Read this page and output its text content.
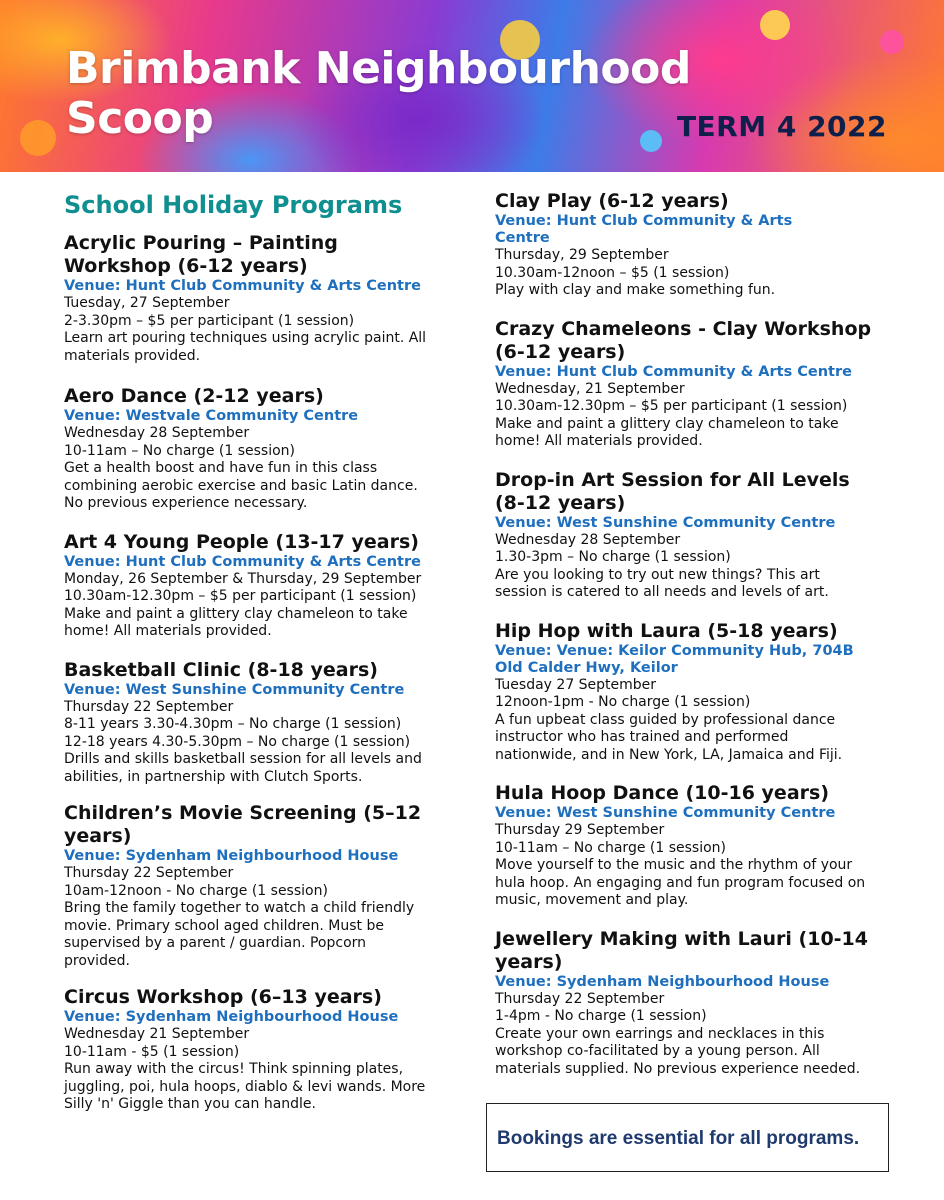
Brimbank Neighbourhood
Scoop	TERM 4 2022
School Holiday Programs

Acrylic Pouring – Painting

Workshop (6-12 years)

Venue: Hunt Club Community & Arts Centre

Tuesday, 27 September

2-3.30pm – $5 per participant (1 session)

Learn art pouring techniques using acrylic paint. All

materials provided.

Aero Dance (2-12 years)

Venue: Westvale Community Centre

Wednesday 28 September

10-11am – No charge (1 session)

Get a health boost and have fun in this class

combining aerobic exercise and basic Latin dance.

No previous experience necessary.

Art 4 Young People (13-17 years)

Venue: Hunt Club Community & Arts Centre

Monday, 26 September & Thursday, 29 September

10.30am-12.30pm – $5 per participant (1 session)

Make and paint a glittery clay chameleon to take

home! All materials provided.

Basketball Clinic (8-18 years)

Venue: West Sunshine Community Centre

Thursday 22 September

8-11 years 3.30-4.30pm – No charge (1 session)

12-18 years 4.30-5.30pm – No charge (1 session)

Drills and skills basketball session for all levels and

abilities, in partnership with Clutch Sports.

Children’s Movie Screening (5–12

years)

Venue: Sydenham Neighbourhood House

Thursday 22 September

10am-12noon - No charge (1 session)

Bring the family together to watch a child friendly

movie. Primary school aged children. Must be

supervised by a parent / guardian. Popcorn

provided.

Circus Workshop (6–13 years)

Venue: Sydenham Neighbourhood House

Wednesday 21 September

10-11am - $5 (1 session)

Run away with the circus! Think spinning plates,

juggling, poi, hula hoops, diablo & levi wands. More

Silly 'n' Giggle than you can handle.

Clay Play (6-12 years)

Venue: Hunt Club Community & Arts

Centre

Thursday, 29 September

10.30am-12noon – $5 (1 session)

Play with clay and make something fun.

Crazy Chameleons - Clay Workshop

(6-12 years)

Venue: Hunt Club Community & Arts Centre

Wednesday, 21 September

10.30am-12.30pm – $5 per participant (1 session)

Make and paint a glittery clay chameleon to take

home! All materials provided.

Drop-in Art Session for All Levels

(8-12 years)

Venue: West Sunshine Community Centre

Wednesday 28 September

1.30-3pm – No charge (1 session)

Are you looking to try out new things? This art

session is catered to all needs and levels of art.

Hip Hop with Laura (5-18 years)

Venue: Venue: Keilor Community Hub, 704B

Old Calder Hwy, Keilor

Tuesday 27 September

12noon-1pm - No charge (1 session)

A fun upbeat class guided by professional dance

instructor who has trained and performed

nationwide, and in New York, LA, Jamaica and Fiji.

Hula Hoop Dance (10-16 years)

Venue: West Sunshine Community Centre

Thursday 29 September

10-11am – No charge (1 session)

Move yourself to the music and the rhythm of your

hula hoop. An engaging and fun program focused on

music, movement and play.

Jewellery Making with Lauri (10-14

years)

Venue: Sydenham Neighbourhood House

Thursday 22 September

1-4pm - No charge (1 session)

Create your own earrings and necklaces in this

workshop co-facilitated by a young person. All

materials supplied. No previous experience needed.

Bookings are essential for all programs.
